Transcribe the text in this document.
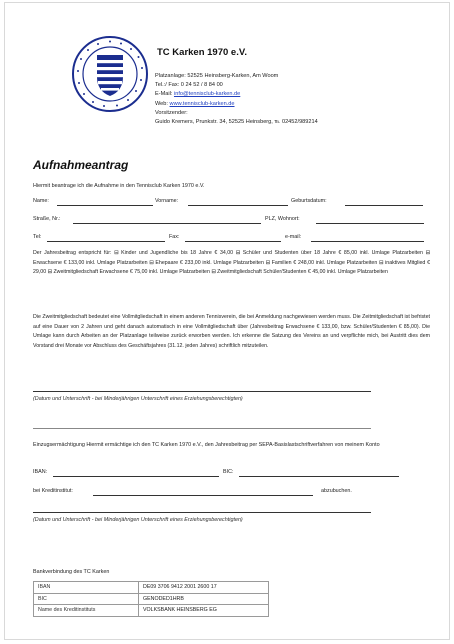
TC Karken 1970 e.V.
Platzanlage: 52525 Heinsberg-Karken, Am Woom
Tel.:/ Fax: 0 24 52 / 8 84 00
E-Mail: info@tennisclub-karken.de
Web: www.tennisclub-karken.de
Vorsitzender:
Guido Kremers, Prunkstr. 34, 52525 Heinsberg, ℡ 02452/989214
Aufnahmeantrag
Hiermit beantrage ich die Aufnahme in den Tennisclub Karken 1970 e.V.
Name:	Vorname:	Geburtsdatum:
Straße, Nr.:	PLZ, Wohnort:
Tel:	Fax:	e-mail:
Der Jahresbeitrag entspricht für: ⊟ Kinder und Jugendliche bis 18 Jahre € 34,00 ⊟ Schüler und Studenten über 18 Jahre € 85,00 inkl. Umlage Platzarbeiten ⊟ Erwachsene € 133,00 inkl. Umlage Platzarbeiten ⊟ Ehepaare € 233,00 inkl. Umlage Platzarbeiten ⊟ Familien € 248,00 inkl. Umlage Platzarbeiten ⊟ inaktives Mitglied € 29,00 ⊟ Zweitmitgliedschaft Erwachsene € 75,00 inkl. Umlage Platzarbeiten ⊟ Zweitmitgliedschaft Schüler/Studenten € 45,00 inkl. Umlage Platzarbeiten
Die Zweitmitgliedschaft bedeutet eine Vollmitgliedschaft in einem anderen Tennisverein, die bei Anmeldung nachgewiesen werden muss. Die Zeitmitgliedschaft ist befristet auf eine Dauer von 2 Jahren und geht danach automatisch in eine Vollmitgliedschaft über (Jahresbeitrag Erwachsene € 133,00, bzw. Schüler/Studenten € 85,00). Die Umlage kann durch Arbeiten an der Platzanlage teilweise zurück erworben werden. Ich erkenne die Satzung des Vereins an und verpflichte mich, bei Austritt dies dem Vorstand drei Monate vor Abschluss des Geschäftsjahres (31.12. jeden Jahres) schriftlich mitzuteilen.
(Datum und Unterschrift - bei Minderjährigen Unterschrift eines Erziehungsberechtigten)
Einzugsermächtigung Hiermit ermächtige ich den TC Karken 1970 e.V., den Jahresbeitrag per SEPA-Basislastschriftverfahren von meinem Konto
IBAN:	BIC:
bei Kreditinstitut:	abzubuchen.
(Datum und Unterschrift - bei Minderjährigen Unterschrift eines Erziehungsberechtigten)
Bankverbindung des TC Karken
IBAN	DE09 3706 9412 2001 2600 17
BIC	GENODED1HRB
Name des Kreditinstituts	VOLKSBANK HEINSBERG EG
